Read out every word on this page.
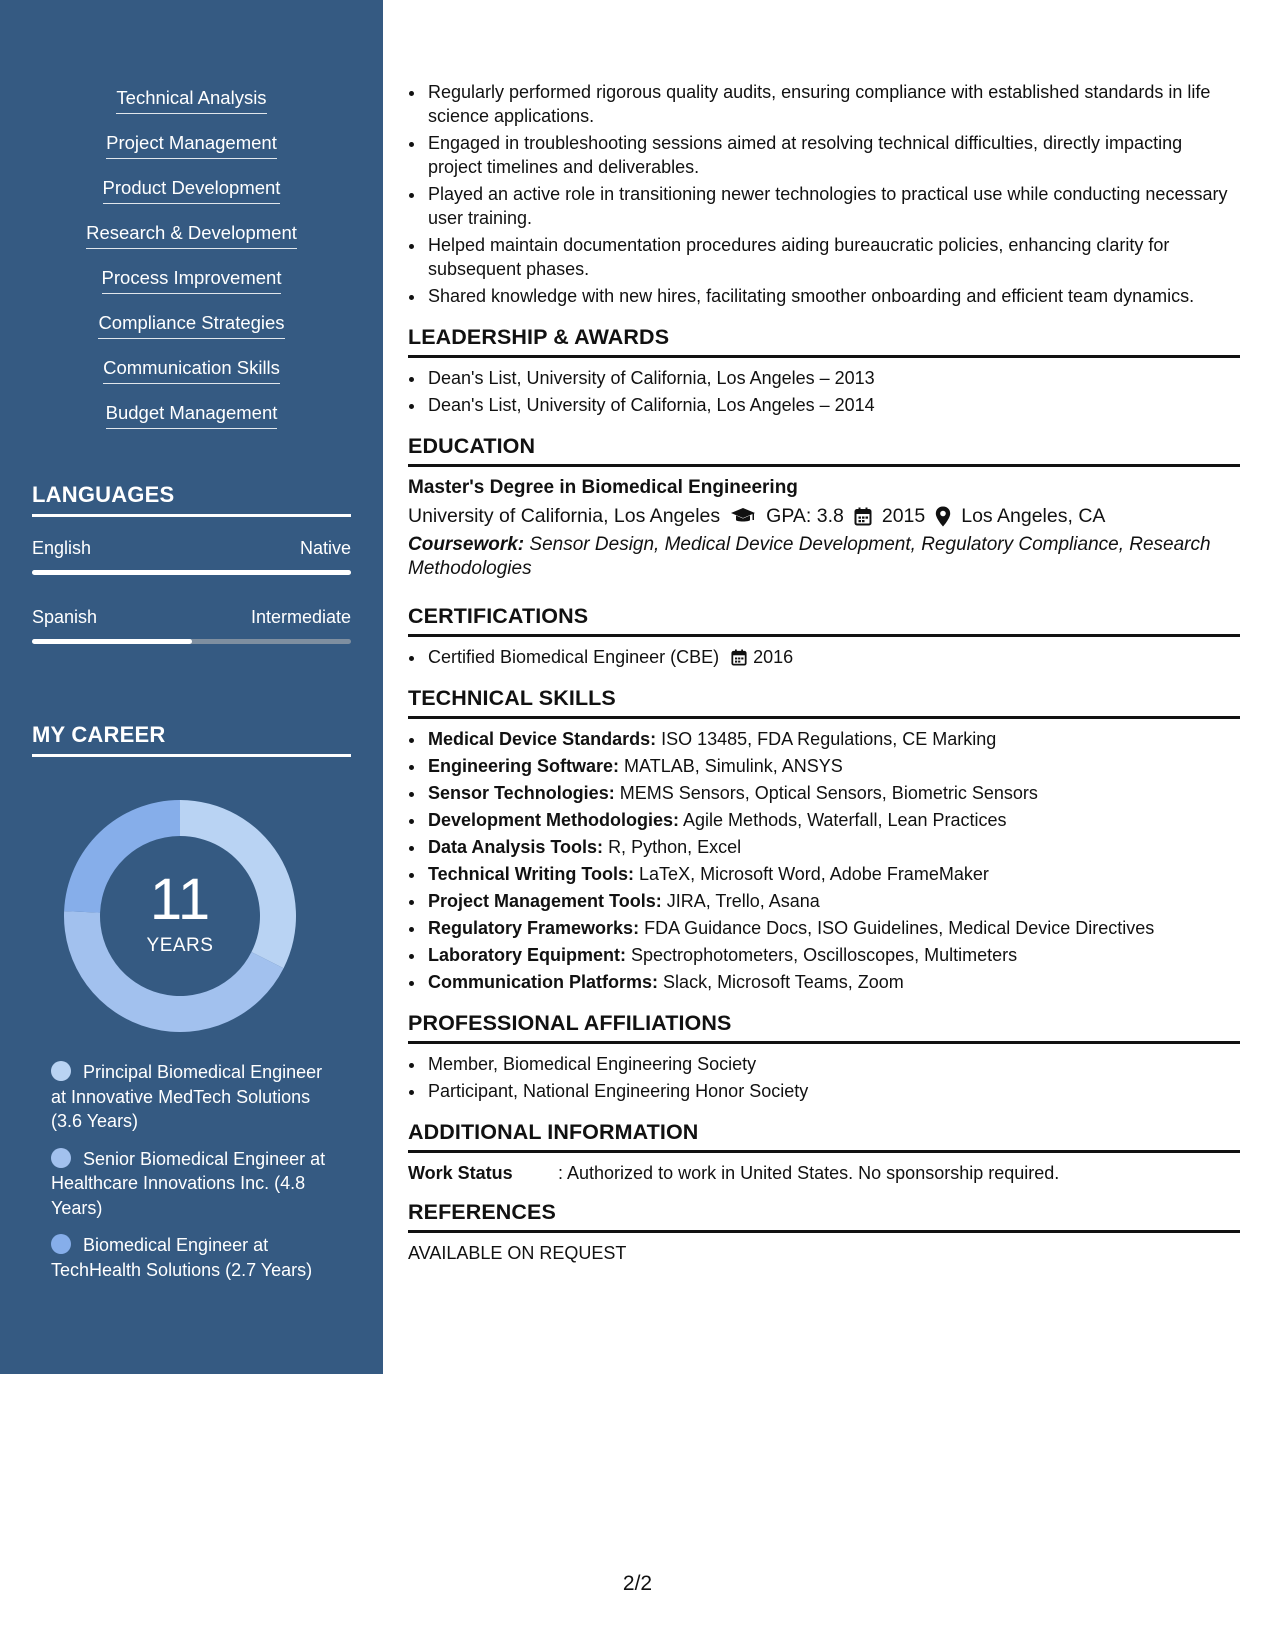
Technical Analysis
Project Management
Product Development
Research & Development
Process Improvement
Compliance Strategies
Communication Skills
Budget Management
LANGUAGES
English	Native
Spanish	Intermediate
MY CAREER
11
YEARS
Principal Biomedical Engineer at Innovative MedTech Solutions (3.6 Years)
Senior Biomedical Engineer at Healthcare Innovations Inc. (4.8 Years)
Biomedical Engineer at TechHealth Solutions (2.7 Years)
• Regularly performed rigorous quality audits, ensuring compliance with established standards in life science applications.
• Engaged in troubleshooting sessions aimed at resolving technical difficulties, directly impacting project timelines and deliverables.
• Played an active role in transitioning newer technologies to practical use while conducting necessary user training.
• Helped maintain documentation procedures aiding bureaucratic policies, enhancing clarity for subsequent phases.
• Shared knowledge with new hires, facilitating smoother onboarding and efficient team dynamics.
LEADERSHIP & AWARDS
• Dean's List, University of California, Los Angeles – 2013
• Dean's List, University of California, Los Angeles – 2014
EDUCATION
Master's Degree in Biomedical Engineering
University of California, Los Angeles GPA: 3.8 2015 Los Angeles, CA
Coursework: Sensor Design, Medical Device Development, Regulatory Compliance, Research Methodologies
CERTIFICATIONS
• Certified Biomedical Engineer (CBE) 2016
TECHNICAL SKILLS
• Medical Device Standards: ISO 13485, FDA Regulations, CE Marking
• Engineering Software: MATLAB, Simulink, ANSYS
• Sensor Technologies: MEMS Sensors, Optical Sensors, Biometric Sensors
• Development Methodologies: Agile Methods, Waterfall, Lean Practices
• Data Analysis Tools: R, Python, Excel
• Technical Writing Tools: LaTeX, Microsoft Word, Adobe FrameMaker
• Project Management Tools: JIRA, Trello, Asana
• Regulatory Frameworks: FDA Guidance Docs, ISO Guidelines, Medical Device Directives
• Laboratory Equipment: Spectrophotometers, Oscilloscopes, Multimeters
• Communication Platforms: Slack, Microsoft Teams, Zoom
PROFESSIONAL AFFILIATIONS
• Member, Biomedical Engineering Society
• Participant, National Engineering Honor Society
ADDITIONAL INFORMATION
Work Status	: Authorized to work in United States. No sponsorship required.
REFERENCES
AVAILABLE ON REQUEST
2/2
